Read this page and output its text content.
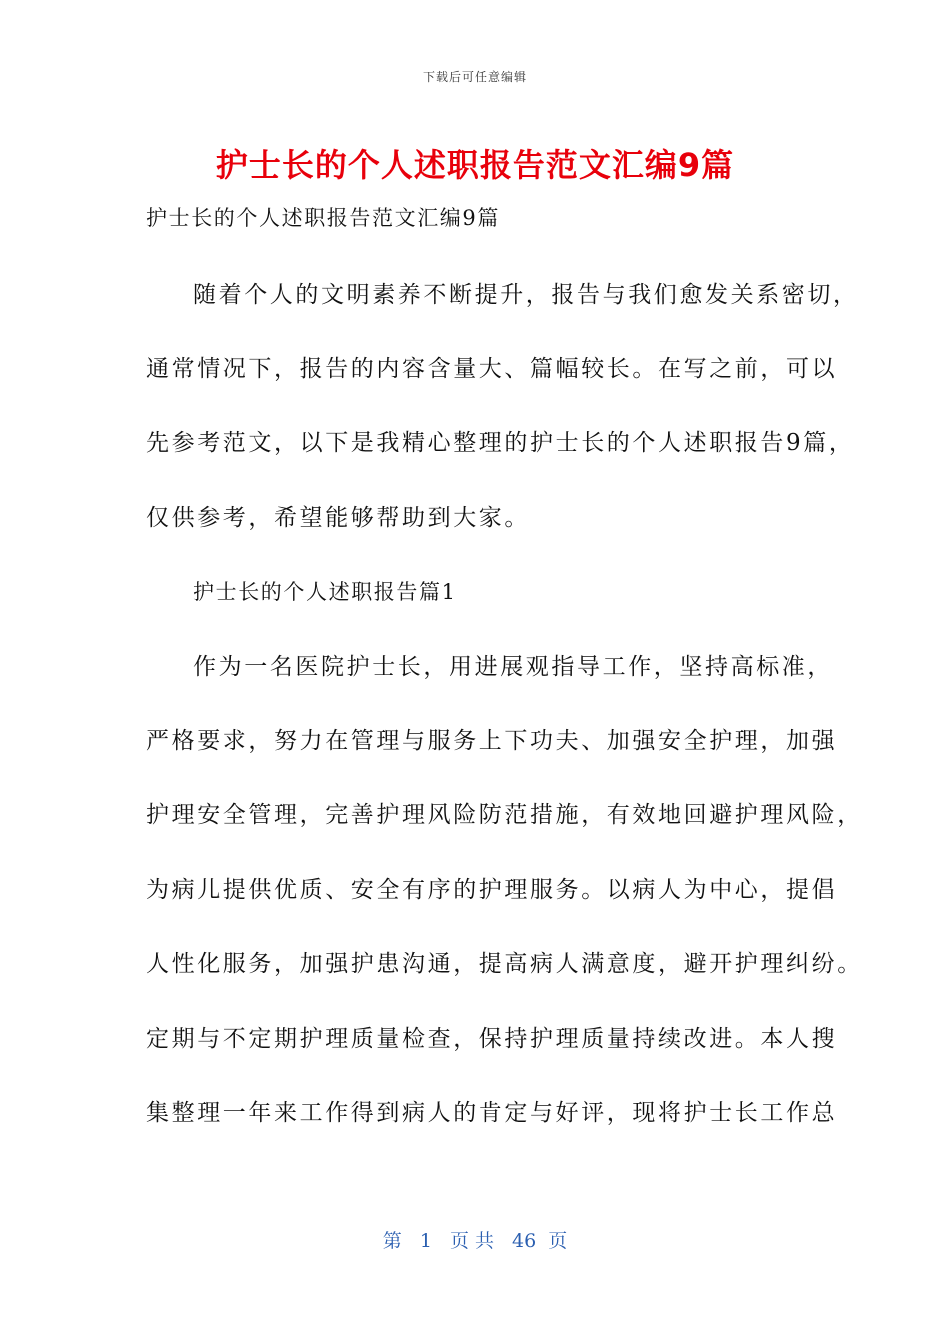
下载后可任意编辑
护士长的个人述职报告范文汇编9篇
护士长的个人述职报告范文汇编9篇
随着个人的文明素养不断提升，报告与我们愈发关系密切，
通常情况下，报告的内容含量大、篇幅较长。在写之前，可以
先参考范文，以下是我精心整理的护士长的个人述职报告9篇，
仅供参考，希望能够帮助到大家。
护士长的个人述职报告篇1
作为一名医院护士长，用进展观指导工作，坚持高标准，
严格要求，努力在管理与服务上下功夫、加强安全护理，加强
护理安全管理，完善护理风险防范措施，有效地回避护理风险，
为病儿提供优质、安全有序的护理服务。以病人为中心，提倡
人性化服务，加强护患沟通，提高病人满意度，避开护理纠纷。
定期与不定期护理质量检查，保持护理质量持续改进。本人搜
集整理一年来工作得到病人的肯定与好评，现将护士长工作总
第 1 页 共 46 页
